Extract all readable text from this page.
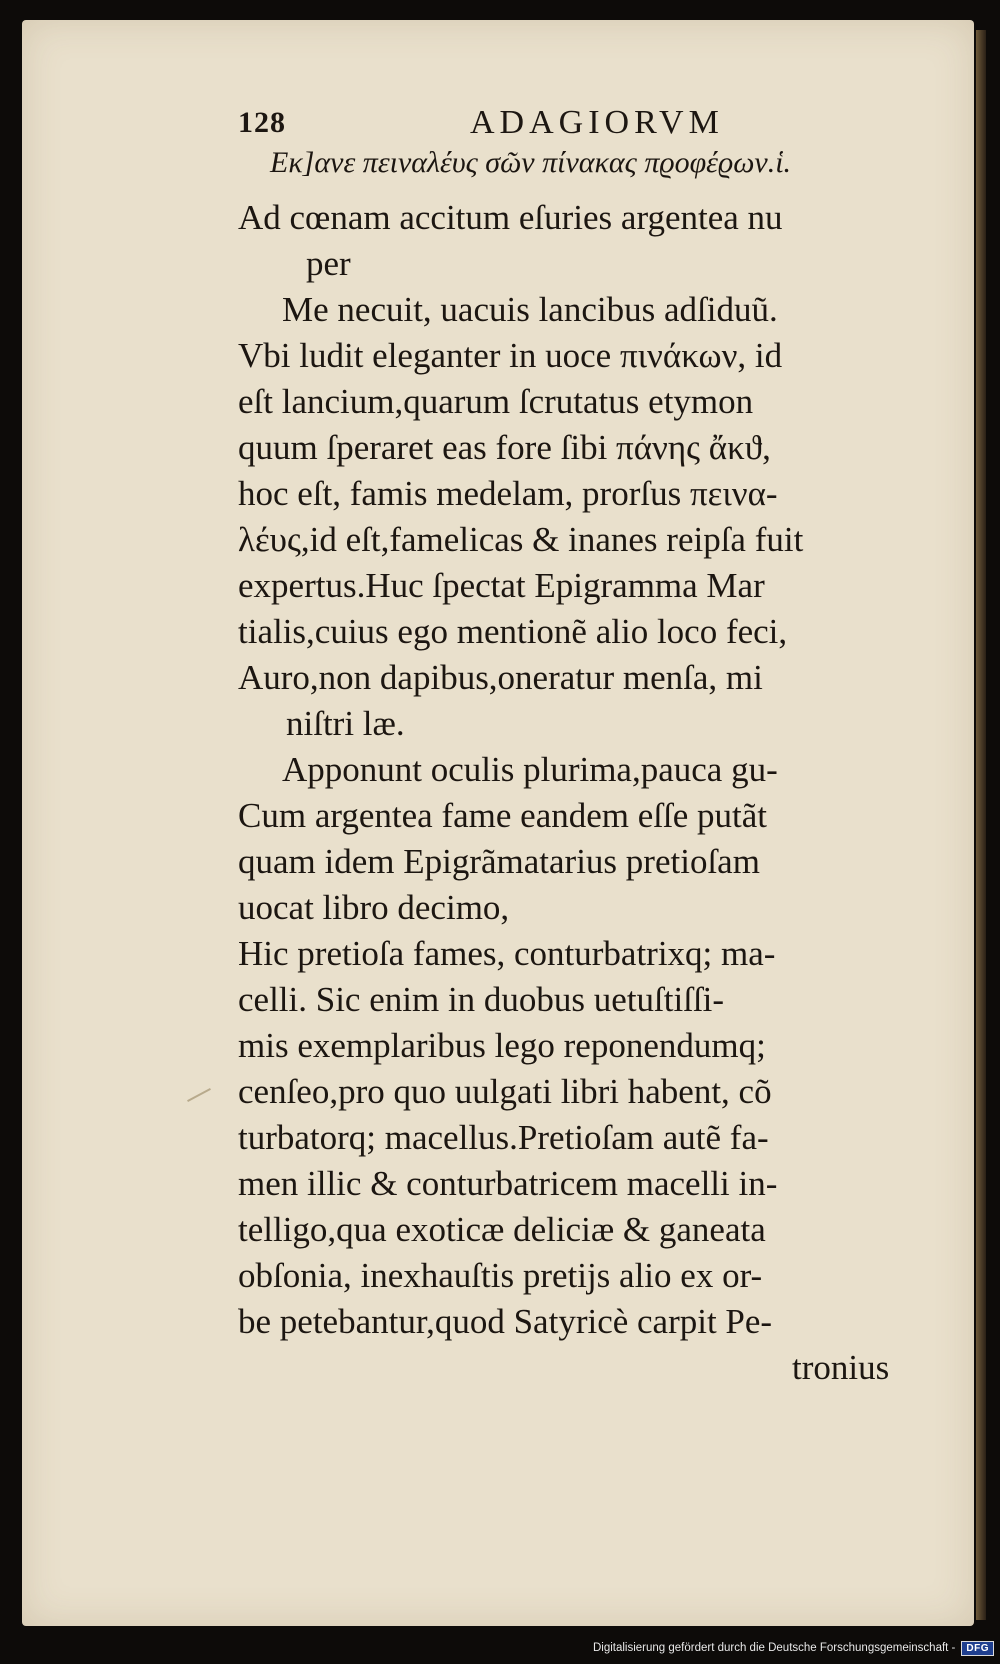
128	ADAGIORVM
Εκ]ανε πειναλέυς σῶν πίνακας πϱοφέϱων.ἱ.
Ad cœnam accitum eſuries argentea nu
per
Me necuit, uacuis lancibus adſiduũ.
Vbi ludit eleganter in uoce πινάκων, id
eſt lancium,quarum ſcrutatus etymon
quum ſperaret eas fore ſibi πάνης ἄκϑ,
hoc eſt, famis medelam, prorſus πεινα-
λέυς,id eſt,famelicas & inanes reipſa fuit
expertus.Huc ſpectat Epigramma Mar
tialis,cuius ego mentionẽ alio loco feci,
Auro,non dapibus,oneratur menſa, mi
niſtri læ.
Apponunt oculis plurima,pauca gu-
Cum argentea fame eandem eſſe putãt
quam idem Epigrãmatarius pretioſam
uocat libro decimo,
Hic pretioſa fames, conturbatrixq; ma-
celli. Sic enim in duobus uetuſtiſſi-
mis exemplaribus lego reponendumq;
cenſeo,pro quo uulgati libri habent, cõ
turbatorq; macellus.Pretioſam autẽ fa-
men illic & conturbatricem macelli in-
telligo,qua exoticæ deliciæ & ganeata
obſonia, inexhauſtis pretijs alio ex or-
be petebantur,quod Satyricè carpit Pe-
tronius
Digitalisierung gefördert durch die Deutsche Forschungsgemeinschaft -	DFG
